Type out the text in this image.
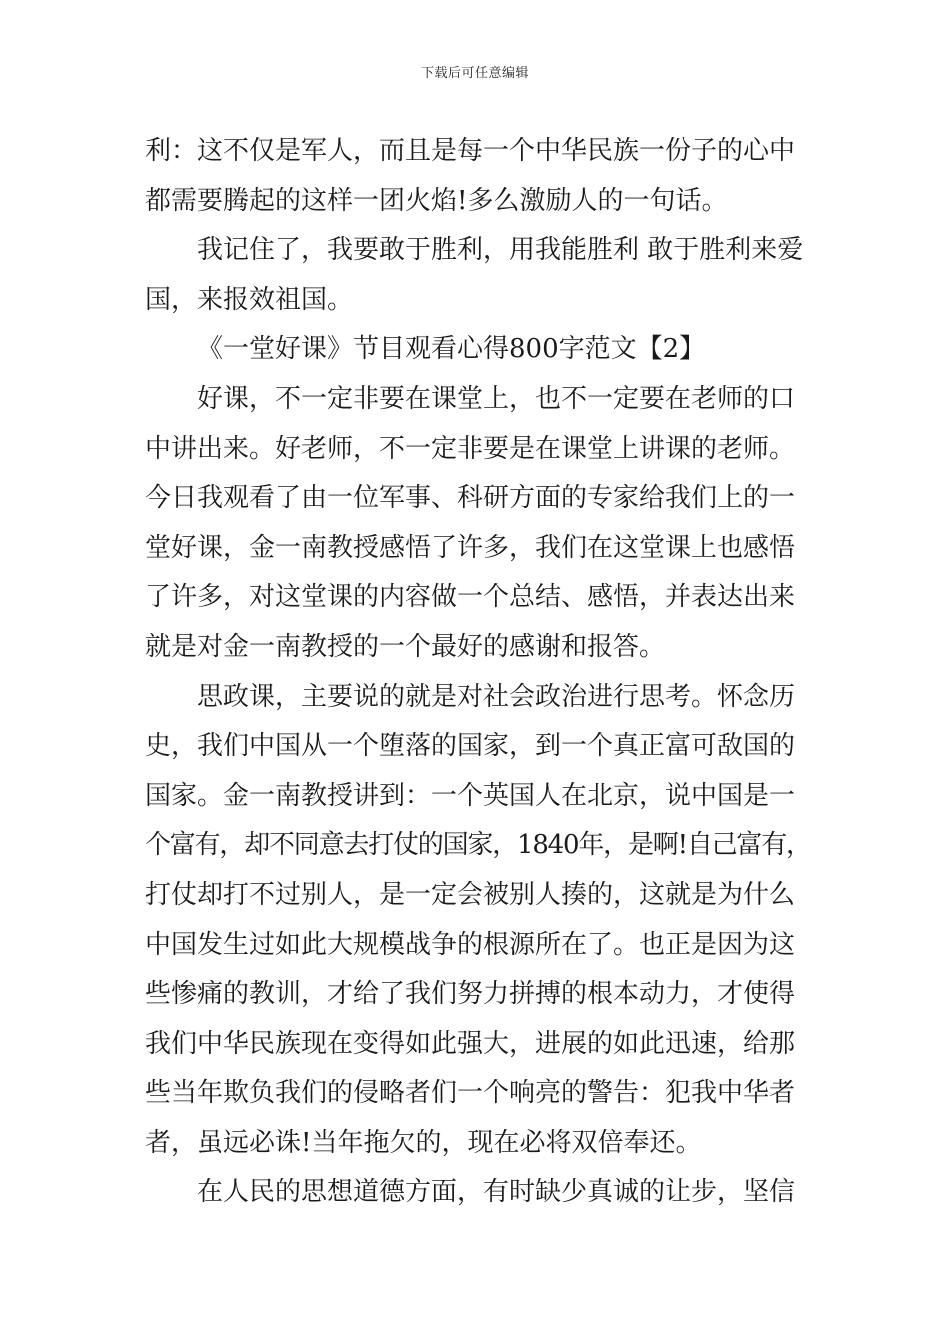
下载后可任意编辑
利：这不仅是军人，而且是每一个中华民族一份子的心中
都需要腾起的这样一团火焰!多么激励人的一句话。
我记住了，我要敢于胜利，用我能胜利 敢于胜利来爱
国，来报效祖国。
《一堂好课》节目观看心得800字范文【2】
好课，不一定非要在课堂上，也不一定要在老师的口
中讲出来。好老师，不一定非要是在课堂上讲课的老师。
今日我观看了由一位军事、科研方面的专家给我们上的一
堂好课，金一南教授感悟了许多，我们在这堂课上也感悟
了许多，对这堂课的内容做一个总结、感悟，并表达出来
就是对金一南教授的一个最好的感谢和报答。
思政课，主要说的就是对社会政治进行思考。怀念历
史，我们中国从一个堕落的国家，到一个真正富可敌国的
国家。金一南教授讲到：一个英国人在北京，说中国是一
个富有，却不同意去打仗的国家，1840年，是啊!自己富有，
打仗却打不过别人，是一定会被别人揍的，这就是为什么
中国发生过如此大规模战争的根源所在了。也正是因为这
些惨痛的教训，才给了我们努力拼搏的根本动力，才使得
我们中华民族现在变得如此强大，进展的如此迅速，给那
些当年欺负我们的侵略者们一个响亮的警告：犯我中华者
者，虽远必诛!当年拖欠的，现在必将双倍奉还。
在人民的思想道德方面，有时缺少真诚的让步，坚信
